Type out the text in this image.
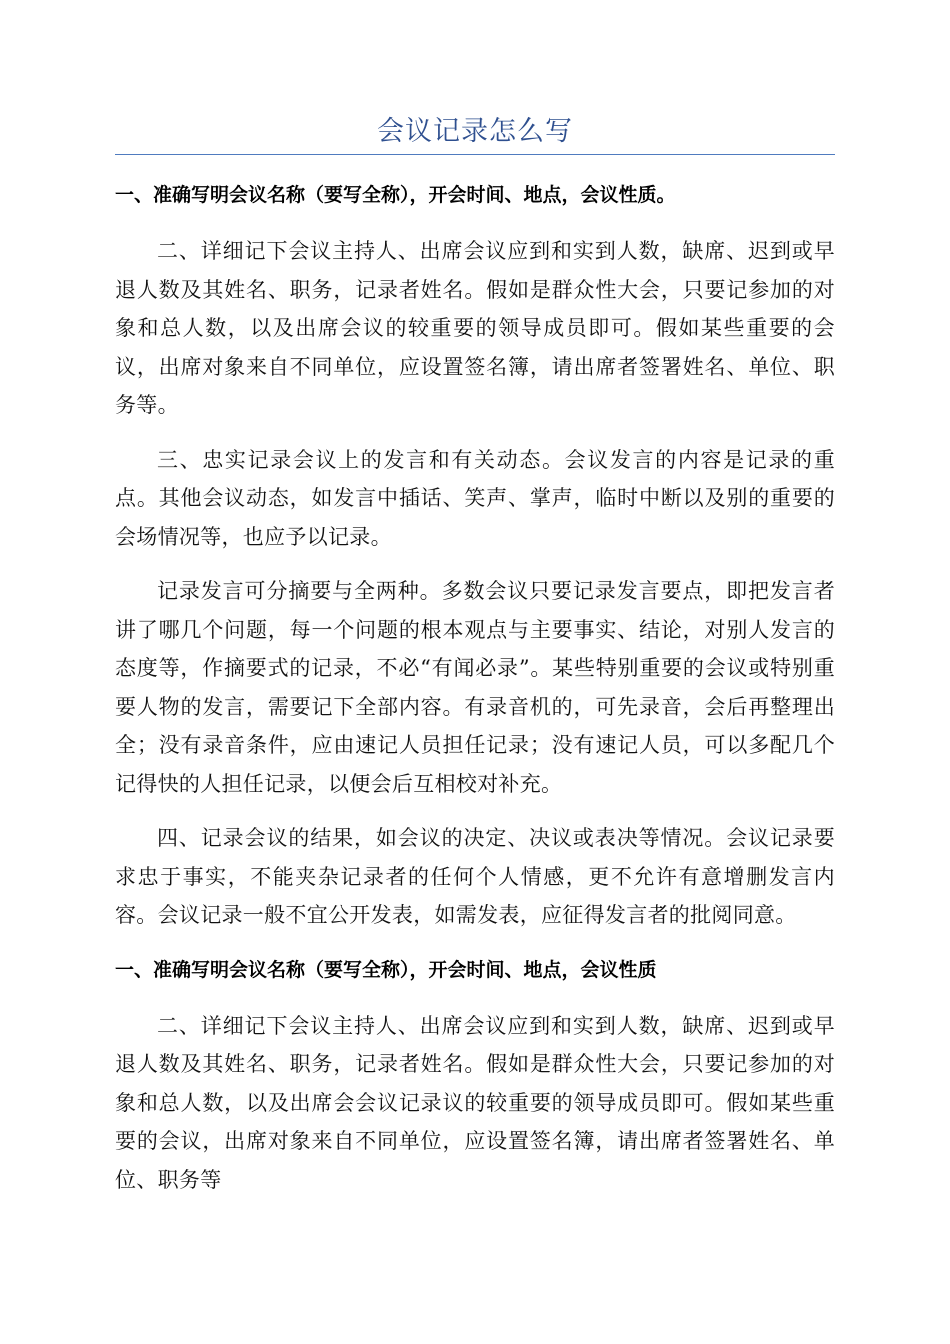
会议记录怎么写

一、准确写明会议名称（要写全称），开会时间、地点，会议性质。

二、详细记下会议主持人、出席会议应到和实到人数，缺席、迟到或早退人数及其姓名、职务，记录者姓名。假如是群众性大会，只要记参加的对象和总人数，以及出席会议的较重要的领导成员即可。假如某些重要的会议，出席对象来自不同单位，应设置签名簿，请出席者签署姓名、单位、职务等。

三、忠实记录会议上的发言和有关动态。会议发言的内容是记录的重点。其他会议动态，如发言中插话、笑声、掌声，临时中断以及别的重要的会场情况等，也应予以记录。

记录发言可分摘要与全两种。多数会议只要记录发言要点，即把发言者讲了哪几个问题，每一个问题的根本观点与主要事实、结论，对别人发言的态度等，作摘要式的记录，不必“有闻必录”。某些特别重要的会议或特别重要人物的发言，需要记下全部内容。有录音机的，可先录音，会后再整理出全；没有录音条件，应由速记人员担任记录；没有速记人员，可以多配几个记得快的人担任记录，以便会后互相校对补充。

四、记录会议的结果，如会议的决定、决议或表决等情况。会议记录要求忠于事实，不能夹杂记录者的任何个人情感，更不允许有意增删发言内容。会议记录一般不宜公开发表，如需发表，应征得发言者的批阅同意。

一、准确写明会议名称（要写全称），开会时间、地点，会议性质

二、详细记下会议主持人、出席会议应到和实到人数，缺席、迟到或早退人数及其姓名、职务，记录者姓名。假如是群众性大会，只要记参加的对象和总人数，以及出席会会议记录议的较重要的领导成员即可。假如某些重要的会议，出席对象来自不同单位，应设置签名簿，请出席者签署姓名、单位、职务等
